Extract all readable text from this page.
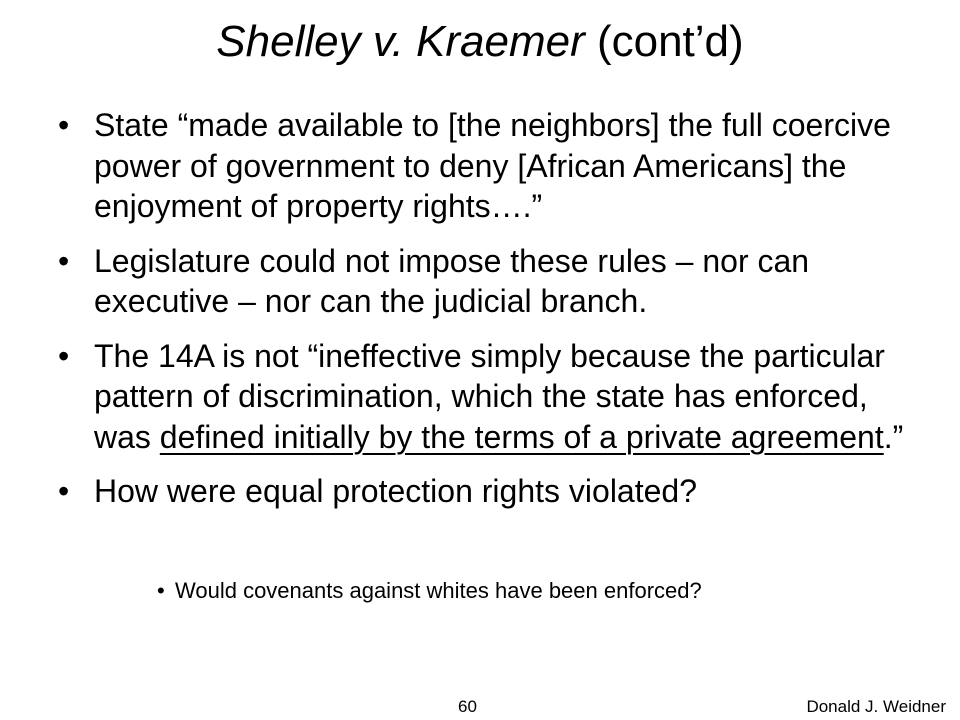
Shelley v. Kraemer (cont’d)
• State “made available to [the neighbors] the full coercive power of government to deny [African Americans] the enjoyment of property rights….”
• Legislature could not impose these rules – nor can executive – nor can the judicial branch.
• The 14A is not “ineffective simply because the particular pattern of discrimination, which the state has enforced, was defined initially by the terms of a private agreement.”
• How were equal protection rights violated?
• Would covenants against whites have been enforced?
60	Donald J. Weidner
